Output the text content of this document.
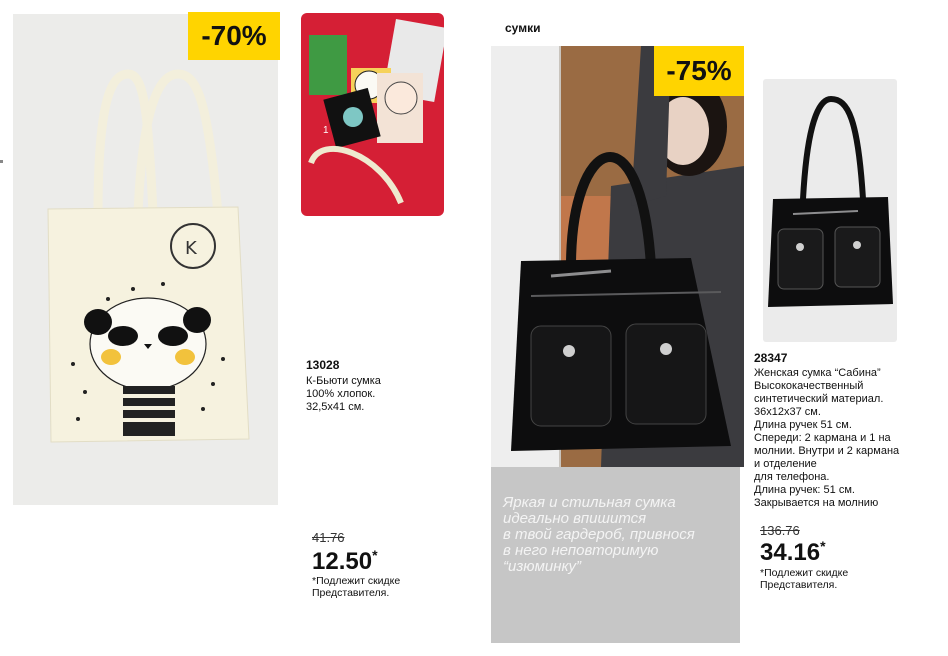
K
-70%
1
13028
К-Бьюти сумка
100% хлопок.
32,5х41 см.
41.76
12.50*
*Подлежит скидке
Представителя.
сумки
-75%
Яркая и стильная сумка
идеально впишится
в твой гардероб, привнося
в него неповторимую
“изюминку”
28347
Женская сумка “Сабина”
Высококачественный
синтетический материал.
36х12х37 см.
Длина ручек 51 см.
Спереди: 2 кармана и 1 на
молнии. Внутри и 2 кармана
и отделение
для телефона.
Длина ручек: 51 см.
Закрывается на молнию
136.76
34.16*
*Подлежит скидке
Представителя.
